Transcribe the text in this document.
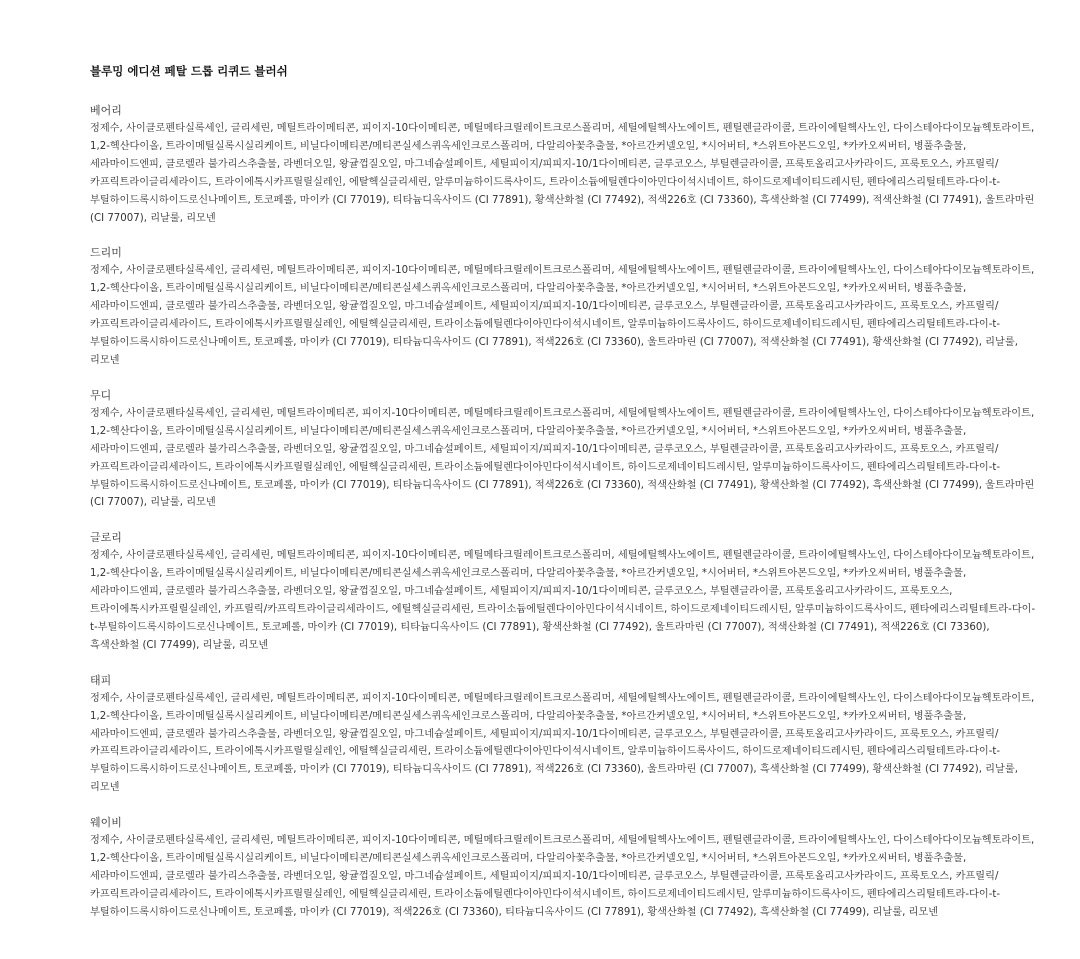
블루밍 에디션 페탈 드롭 리퀴드 블러쉬

베어리

정제수, 사이클로펜타실록세인, 글리세린, 메틸트라이메티콘, 피이지-10다이메티콘, 메틸메타크릴레이트크로스폴리머, 세틸에틸헥사노에이트, 펜틸렌글라이콜, 트라이에틸헥사노인, 다이스테아다이모늄헥토라이트, 1,2-헥산다이올, 트라이메틸실록시실리케이트, 비닐다이메티콘/메티콘실세스퀴옥세인크로스폴리머, 다알리아꽃추출물, *아르간커넬오일, *시어버터, *스위트아몬드오일, *카카오씨버터, 병풀추출물, 세라마이드엔피, 클로렐라 불가리스추출물, 라벤더오일, 왕귤껍질오일, 마그네슘설페이트, 세틸피이지/피피지-10/1다이메티콘, 글루코오스, 부틸렌글라이콜, 프룩토올리고사카라이드, 프룩토오스, 카프릴릭/카프릭트라이글리세라이드, 트라이에톡시카프릴릴실레인, 에탈헥실글리세린, 알루미늄하이드록사이드, 트라이소듐에틸렌다이아민다이석시네이트, 하이드로제네이티드레시틴, 펜타에리스리틸테트라-다이-t-부틸하이드록시하이드로신나메이트, 토코페롤, 마이카 (CI 77019), 티타늄디옥사이드 (CI 77891), 황색산화철 (CI 77492), 적색226호 (CI 73360), 흑색산화철 (CI 77499), 적색산화철 (CI 77491), 울트라마린 (CI 77007), 리날룰, 리모넨

드리미

정제수, 사이클로펜타실록세인, 글리세린, 메틸트라이메티콘, 피이지-10다이메티콘, 메틸메타크릴레이트크로스폴리머, 세틸에틸헥사노에이트, 펜틸렌글라이콜, 트라이에틸헥사노인, 다이스테아다이모늄헥토라이트, 1,2-헥산다이올, 트라이메틸실록시실리케이트, 비닐다이메티콘/메티콘실세스퀴옥세인크로스폴리머, 다알리아꽃추출물, *아르간커넬오일, *시어버터, *스위트아몬드오일, *카카오씨버터, 병풀추출물, 세라마이드엔피, 클로렐라 불가리스추출물, 라벤더오일, 왕귤껍질오일, 마그네슘설페이트, 세틸피이지/피피지-10/1다이메티콘, 글루코오스, 부틸렌글라이콜, 프룩토올리고사카라이드, 프룩토오스, 카프릴릭/카프릭트라이글리세라이드, 트라이에톡시카프릴릴실레인, 에틸헥실글리세린, 트라이소듐에틸렌다이아민다이석시네이트, 알루미늄하이드록사이드, 하이드로제네이티드레시틴, 펜타에리스리틸테트라-다이-t-부틸하이드록시하이드로신나메이트, 토코페롤, 마이카 (CI 77019), 티타늄디옥사이드 (CI 77891), 적색226호 (CI 73360), 울트라마린 (CI 77007), 적색산화철 (CI 77491), 황색산화철 (CI 77492), 리날룰, 리모넨

무디

정제수, 사이클로펜타실록세인, 글리세린, 메틸트라이메티콘, 피이지-10다이메티콘, 메틸메타크릴레이트크로스폴리머, 세틸에틸헥사노에이트, 펜틸렌글라이콜, 트라이에틸헥사노인, 다이스테아다이모늄헥토라이트, 1,2-헥산다이올, 트라이메틸실록시실리케이트, 비닐다이메티콘/메티콘실세스퀴옥세인크로스폴리머, 다알리아꽃추출물, *아르간커넬오일, *시어버터, *스위트아몬드오일, *카카오씨버터, 병풀추출물, 세라마이드엔피, 클로렐라 불가리스추출물, 라벤더오일, 왕귤껍질오일, 마그네슘설페이트, 세틸피이지/피피지-10/1다이메티콘, 글루코오스, 부틸렌글라이콜, 프룩토올리고사카라이드, 프룩토오스, 카프릴릭/카프릭트라이글리세라이드, 트라이에톡시카프릴릴실레인, 에틸헥실글리세린, 트라이소듐에틸렌다이아민다이석시네이트, 하이드로제네이티드레시틴, 알루미늄하이드록사이드, 펜타에리스리틸테트라-다이-t-부틸하이드록시하이드로신나메이트, 토코페롤, 마이카 (CI 77019), 티타늄디옥사이드 (CI 77891), 적색226호 (CI 73360), 적색산화철 (CI 77491), 황색산화철 (CI 77492), 흑색산화철 (CI 77499), 울트라마린 (CI 77007), 리날룰, 리모넨

글로리

정제수, 사이클로펜타실록세인, 글리세린, 메틸트라이메티콘, 피이지-10다이메티콘, 메틸메타크릴레이트크로스폴리머, 세틸에틸헥사노에이트, 펜틸렌글라이콜, 트라이에틸헥사노인, 다이스테아다이모늄헥토라이트, 1,2-헥산다이올, 트라이메틸실록시실리케이트, 비닐다이메티콘/메티콘실세스퀴옥세인크로스폴리머, 다알리아꽃추출물, *아르간커넬오일, *시어버터, *스위트아몬드오일, *카카오씨버터, 병풀추출물, 세라마이드엔피, 클로렐라 불가리스추출물, 라벤더오일, 왕귤껍질오일, 마그네슘설페이트, 세틸피이지/피피지-10/1다이메티콘, 글루코오스, 부틸렌글라이콜, 프룩토올리고사카라이드, 프룩토오스, 트라이에톡시카프릴릴실레인, 카프릴릭/카프릭트라이글리세라이드, 에틸헥실글리세린, 트라이소듐에틸렌다이아민다이석시네이트, 하이드로제네이티드레시틴, 알루미늄하이드록사이드, 펜타에리스리틸테트라-다이-t-부틸하이드록시하이드로신나메이트, 토코페롤, 마이카 (CI 77019), 티타늄디옥사이드 (CI 77891), 황색산화철 (CI 77492), 울트라마린 (CI 77007), 적색산화철 (CI 77491), 적색226호 (CI 73360), 흑색산화철 (CI 77499), 리날룰, 리모넨

태피

정제수, 사이클로펜타실록세인, 글리세린, 메틸트라이메티콘, 피이지-10다이메티콘, 메틸메타크릴레이트크로스폴리머, 세틸에틸헥사노에이트, 펜틸렌글라이콜, 트라이에틸헥사노인, 다이스테아다이모늄헥토라이트, 1,2-헥산다이올, 트라이메틸실록시실리케이트, 비닐다이메티콘/메티콘실세스퀴옥세인크로스폴리머, 다알리아꽃추출물, *아르간커넬오일, *시어버터, *스위트아몬드오일, *카카오씨버터, 병풀추출물, 세라마이드엔피, 클로렐라 불가리스추출물, 라벤더오일, 왕귤껍질오일, 마그네슘설페이트, 세틸피이지/피피지-10/1다이메티콘, 글루코오스, 부틸렌글라이콜, 프룩토올리고사카라이드, 프룩토오스, 카프릴릭/카프릭트라이글리세라이드, 트라이에톡시카프릴릴실레인, 에틸헥실글리세린, 트라이소듐에틸렌다이아민다이석시네이트, 알루미늄하이드록사이드, 하이드로제네이티드레시틴, 펜타에리스리틸테트라-다이-t-부틸하이드록시하이드로신나메이트, 토코페롤, 마이카 (CI 77019), 티타늄디옥사이드 (CI 77891), 적색226호 (CI 73360), 울트라마린 (CI 77007), 흑색산화철 (CI 77499), 황색산화철 (CI 77492), 리날룰, 리모넨

웨이비

정제수, 사이클로펜타실록세인, 글리세린, 메틸트라이메티콘, 피이지-10다이메티콘, 메틸메타크릴레이트크로스폴리머, 세틸에틸헥사노에이트, 펜틸렌글라이콜, 트라이에틸헥사노인, 다이스테아다이모늄헥토라이트, 1,2-헥산다이올, 트라이메틸실록시실리케이트, 비닐다이메티콘/메티콘실세스퀴옥세인크로스폴리머, 다알리아꽃추출물, *아르간커넬오일, *시어버터, *스위트아몬드오일, *카카오씨버터, 병풀추출물, 세라마이드엔피, 클로렐라 불가리스추출물, 라벤더오일, 왕귤껍질오일, 마그네슘설페이트, 세틸피이지/피피지-10/1다이메티콘, 글루코오스, 부틸렌글라이콜, 프룩토올리고사카라이드, 프룩토오스, 카프릴릭/카프릭트라이글리세라이드, 트라이에톡시카프릴릴실레인, 에틸헥실글리세린, 트라이소듐에틸렌다이아민다이석시네이트, 하이드로제네이티드레시틴, 알루미늄하이드록사이드, 펜타에리스리틸테트라-다이-t-부틸하이드록시하이드로신나메이트, 토코페롤, 마이카 (CI 77019), 적색226호 (CI 73360), 티타늄디옥사이드 (CI 77891), 황색산화철 (CI 77492), 흑색산화철 (CI 77499), 리날룰, 리모넨
